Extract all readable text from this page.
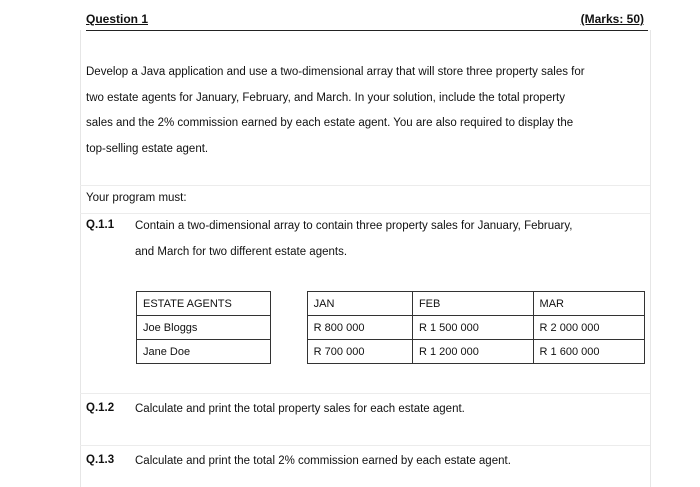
Question 1	(Marks: 50)

Develop a Java application and use a two-dimensional array that will store three property sales for

two estate agents for January, February, and March. In your solution, include the total property

sales and the 2% commission earned by each estate agent. You are also required to display the

top-selling estate agent.

Your program must:
Q.1.1	Contain a two-dimensional array to contain three property sales for January, February,
and March for two different estate agents.
ESTATE AGENTS		JAN	FEB	MAR
Joe Bloggs		R 800 000	R 1 500 000	R 2 000 000
Jane Doe		R 700 000	R 1 200 000	R 1 600 000
Q.1.2	Calculate and print the total property sales for each estate agent.
Q.1.3	Calculate and print the total 2% commission earned by each estate agent.
